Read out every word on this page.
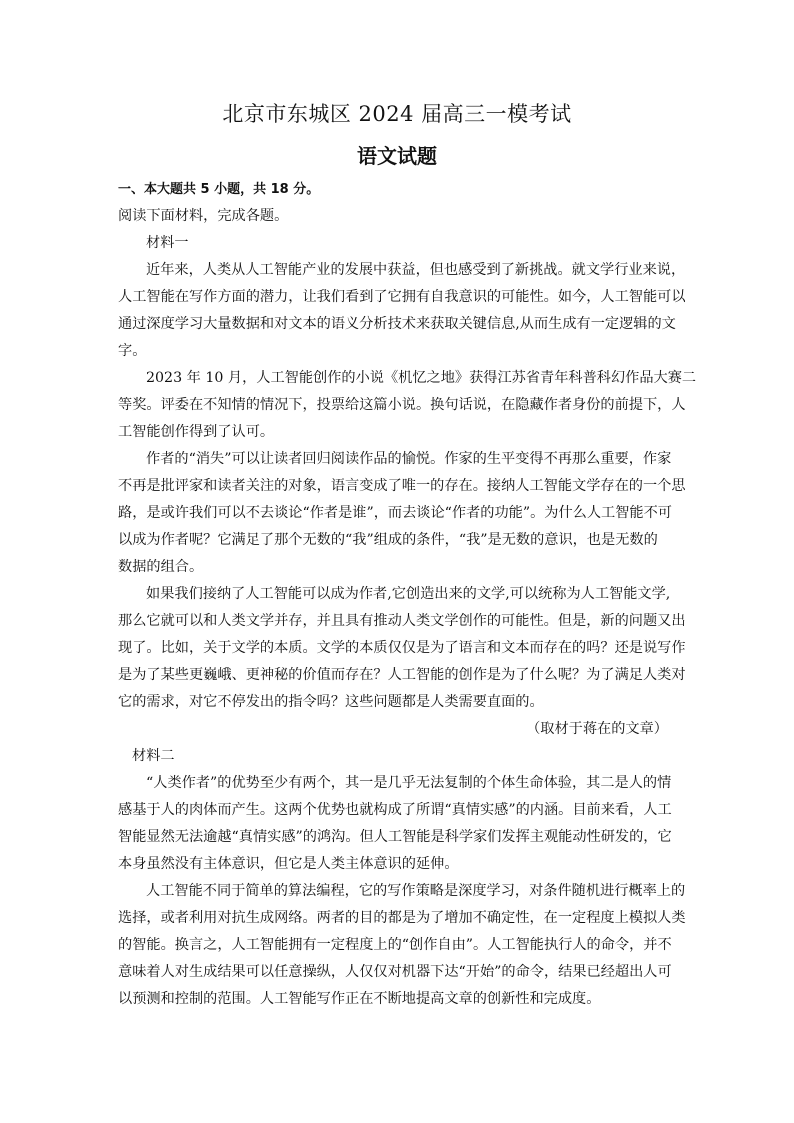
北京市东城区 2024 届高三一模考试
语文试题
一、本大题共 5 小题，共 18 分。
阅读下面材料，完成各题。
材料一
近年来，人类从人工智能产业的发展中获益，但也感受到了新挑战。就文学行业来说，
人工智能在写作方面的潜力，让我们看到了它拥有自我意识的可能性。如今，人工智能可以
通过深度学习大量数据和对文本的语义分析技术来获取关键信息,从而生成有一定逻辑的文
字。
2023 年 10 月，人工智能创作的小说《机忆之地》获得江苏省青年科普科幻作品大赛二
等奖。评委在不知情的情况下，投票给这篇小说。换句话说，在隐藏作者身份的前提下，人
工智能创作得到了认可。
作者的“消失”可以让读者回归阅读作品的愉悦。作家的生平变得不再那么重要，作家
不再是批评家和读者关注的对象，语言变成了唯一的存在。接纳人工智能文学存在的一个思
路，是或许我们可以不去谈论“作者是谁”，而去谈论“作者的功能”。为什么人工智能不可
以成为作者呢？它满足了那个无数的“我”组成的条件，“我”是无数的意识，也是无数的
数据的组合。
如果我们接纳了人工智能可以成为作者,它创造出来的文学,可以统称为人工智能文学,
那么它就可以和人类文学并存，并且具有推动人类文学创作的可能性。但是，新的问题又出
现了。比如，关于文学的本质。文学的本质仅仅是为了语言和文本而存在的吗？还是说写作
是为了某些更巍峨、更神秘的价值而存在？人工智能的创作是为了什么呢？为了满足人类对
它的需求，对它不停发出的指令吗？这些问题都是人类需要直面的。
（取材于蒋在的文章）
材料二
“人类作者”的优势至少有两个，其一是几乎无法复制的个体生命体验，其二是人的情
感基于人的肉体而产生。这两个优势也就构成了所谓“真情实感”的内涵。目前来看，人工
智能显然无法逾越“真情实感”的鸿沟。但人工智能是科学家们发挥主观能动性研发的，它
本身虽然没有主体意识，但它是人类主体意识的延伸。
人工智能不同于简单的算法编程，它的写作策略是深度学习，对条件随机进行概率上的
选择，或者利用对抗生成网络。两者的目的都是为了增加不确定性，在一定程度上模拟人类
的智能。换言之，人工智能拥有一定程度上的“创作自由”。人工智能执行人的命令，并不
意味着人对生成结果可以任意操纵，人仅仅对机器下达“开始”的命令，结果已经超出人可
以预测和控制的范围。人工智能写作正在不断地提高文章的创新性和完成度。
